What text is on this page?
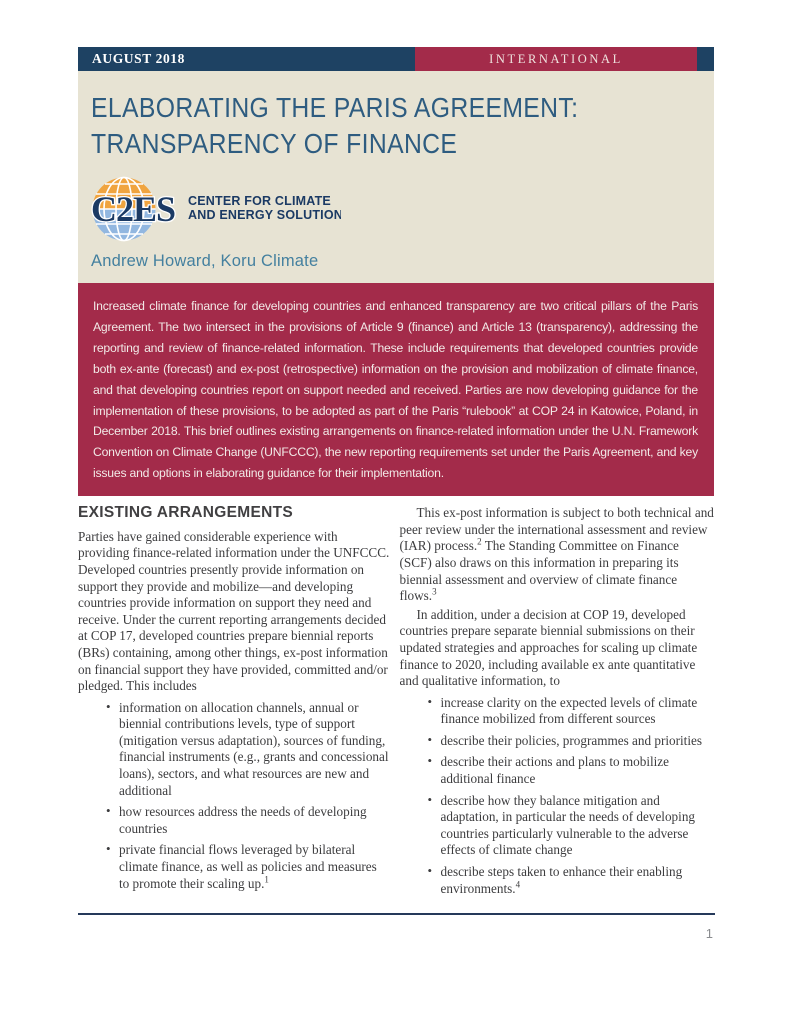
AUGUST 2018	INTERNATIONAL
ELABORATING THE PARIS AGREEMENT:
TRANSPARENCY OF FINANCE
C2ES CENTER FOR CLIMATE
AND ENERGY SOLUTIONS
Andrew Howard, Koru Climate

Increased climate finance for developing countries and enhanced transparency are two critical pillars of the Paris Agreement. The two intersect in the provisions of Article 9 (finance) and Article 13 (transparency), addressing the reporting and review of finance-related information. These include requirements that developed countries provide both ex-ante (forecast) and ex-post (retrospective) information on the provision and mobilization of climate finance, and that developing countries report on support needed and received. Parties are now developing guidance for the implementation of these provisions, to be adopted as part of the Paris “rulebook” at COP 24 in Katowice, Poland, in December 2018. This brief outlines existing arrangements on finance-related information under the U.N. Framework Convention on Climate Change (UNFCCC), the new reporting requirements set under the Paris Agreement, and key issues and options in elaborating guidance for their implementation.

EXISTING ARRANGEMENTS

Parties have gained considerable experience with providing finance-related information under the UNFCCC. Developed countries presently provide information on support they provide and mobilize—and developing countries provide information on support they need and receive. Under the current reporting arrangements decided at COP 17, developed countries prepare biennial reports (BRs) containing, among other things, ex-post information on financial support they have provided, committed and/or pledged. This includes

• information on allocation channels, annual or biennial contributions levels, type of support (mitigation versus adaptation), sources of funding, financial instruments (e.g., grants and concessional loans), sectors, and what resources are new and additional
• how resources address the needs of developing countries
• private financial flows leveraged by bilateral climate finance, as well as policies and measures to promote their scaling up.$^1$

This ex-post information is subject to both technical and peer review under the international assessment and review (IAR) process.$^2$ The Standing Committee on Finance (SCF) also draws on this information in preparing its biennial assessment and overview of climate finance flows.$^3$

In addition, under a decision at COP 19, developed countries prepare separate biennial submissions on their updated strategies and approaches for scaling up climate finance to 2020, including available ex ante quantitative and qualitative information, to

• increase clarity on the expected levels of climate finance mobilized from different sources
• describe their policies, programmes and priorities
• describe their actions and plans to mobilize additional finance
• describe how they balance mitigation and adaptation, in particular the needs of developing countries particularly vulnerable to the adverse effects of climate change
• describe steps taken to enhance their enabling environments.$^4$
1
